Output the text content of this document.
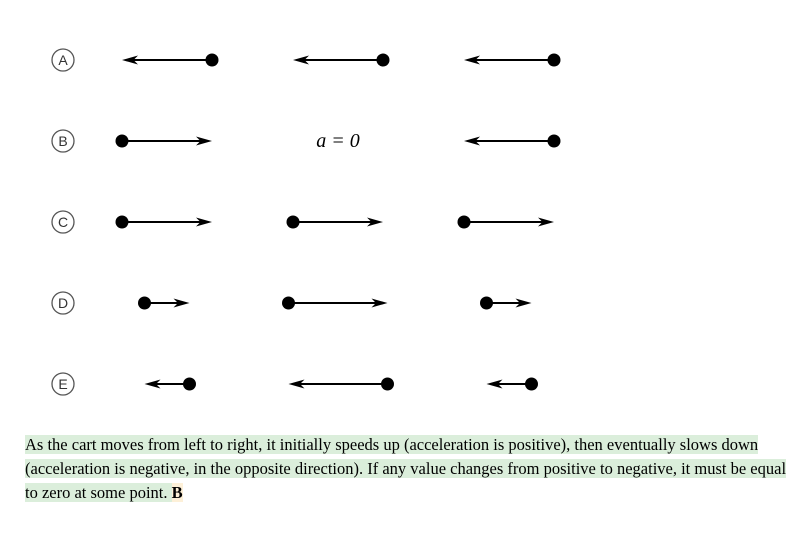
A
B	a = 0
C
D
E
As the cart moves from left to right, it initially speeds up (acceleration is positive), then eventually slows down (acceleration is negative, in the opposite direction). If any value changes from positive to negative, it must be equal to zero at some point. B
